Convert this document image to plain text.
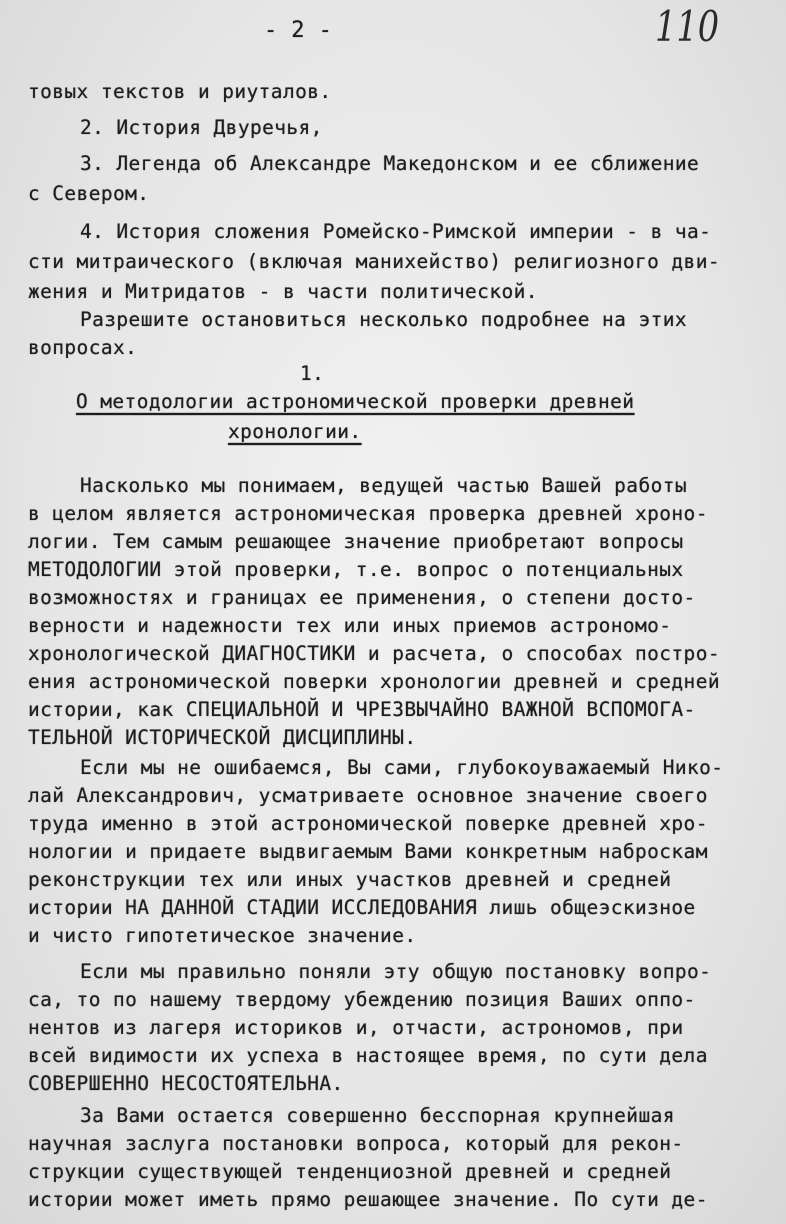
- 2 -	110
товых текстов и риуталов.
2. История Двуречья,
3. Легенда об Александре Македонском и ее сближение
с Севером.
4. История сложения Ромейско-Римской империи - в ча-
сти митраического (включая манихейство) религиозного дви-
жения и Митридатов - в части политической.
Разрешите остановиться несколько подробнее на этих
вопросах.
1.
О методологии астрономической проверки древней
хронологии.
Насколько мы понимаем, ведущей частью Вашей работы
в целом является астрономическая проверка древней хроно-
логии. Тем самым решающее значение приобретают вопросы
МЕТОДОЛОГИИ этой проверки, т.е. вопрос о потенциальных
возможностях и границах ее применения, о степени досто-
верности и надежности тех или иных приемов астрономо-
хронологической ДИАГНОСТИКИ и расчета, о способах постро-
ения астрономической поверки хронологии древней и средней
истории, как СПЕЦИАЛЬНОЙ И ЧРЕЗВЫЧАЙНО ВАЖНОЙ ВСПОМОГА-
ТЕЛЬНОЙ ИСТОРИЧЕСКОЙ ДИСЦИПЛИНЫ.
Если мы не ошибаемся, Вы сами, глубокоуважаемый Нико-
лай Александрович, усматриваете основное значение своего
труда именно в этой астрономической поверке древней хро-
нологии и придаете выдвигаемым Вами конкретным наброскам
реконструкции тех или иных участков древней и средней
истории НА ДАННОЙ СТАДИИ ИССЛЕДОВАНИЯ лишь общеэскизное
и чисто гипотетическое значение.
Если мы правильно поняли эту общую постановку вопро-
са, то по нашему твердому убеждению позиция Ваших оппо-
нентов из лагеря историков и, отчасти, астрономов, при
всей видимости их успеха в настоящее время, по сути дела
СОВЕРШЕННО НЕСОСТОЯТЕЛЬНА.
За Вами остается совершенно бесспорная крупнейшая
научная заслуга постановки вопроса, который для рекон-
струкции существующей тенденциозной древней и средней
истории может иметь прямо решающее значение. По сути де-
